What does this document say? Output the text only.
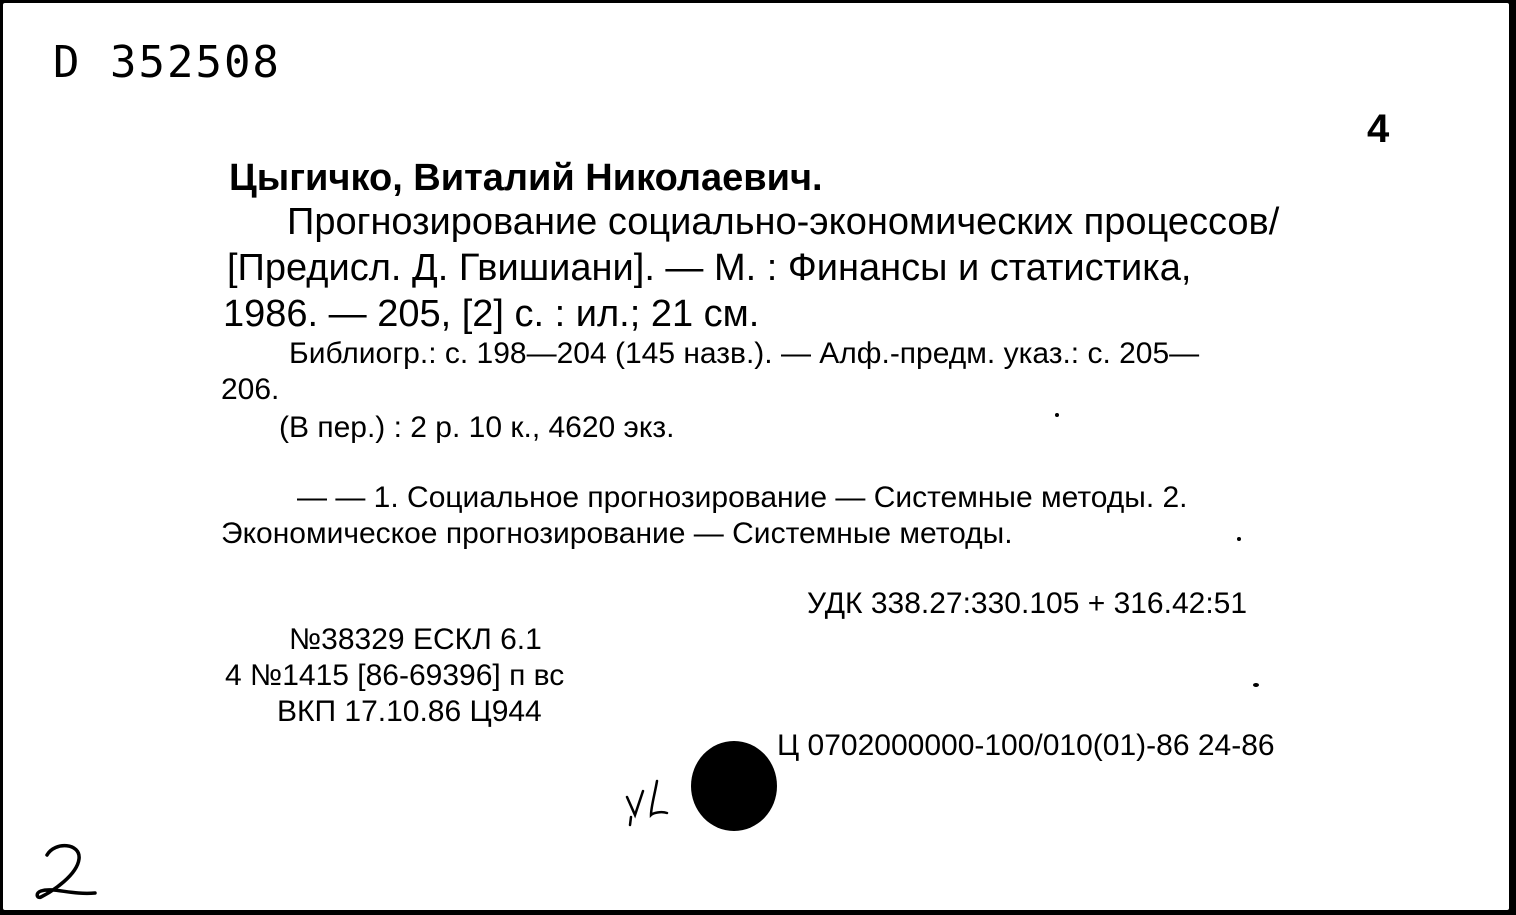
D 352508
4
Цыгичко, Виталий Николаевич.
Прогнозирование социально-экономических процессов/
[Предисл. Д. Гвишиани]. — М. : Финансы и статистика,
1986. — 205, [2] с. : ил.; 21 см.
Библиогр.: с. 198—204 (145 назв.). — Алф.-предм. указ.: с. 205—
206.
(В пер.) : 2 р. 10 к., 4620 экз.
— — 1. Социальное прогнозирование — Системные методы. 2.
Экономическое прогнозирование — Системные методы.
УДК 338.27:330.105 + 316.42:51
№38329 ЕСКЛ 6.1
4 №1415 [86-69396] п вс
ВКП 17.10.86 Ц944
Ц 0702000000-100/010(01)-86 24-86
